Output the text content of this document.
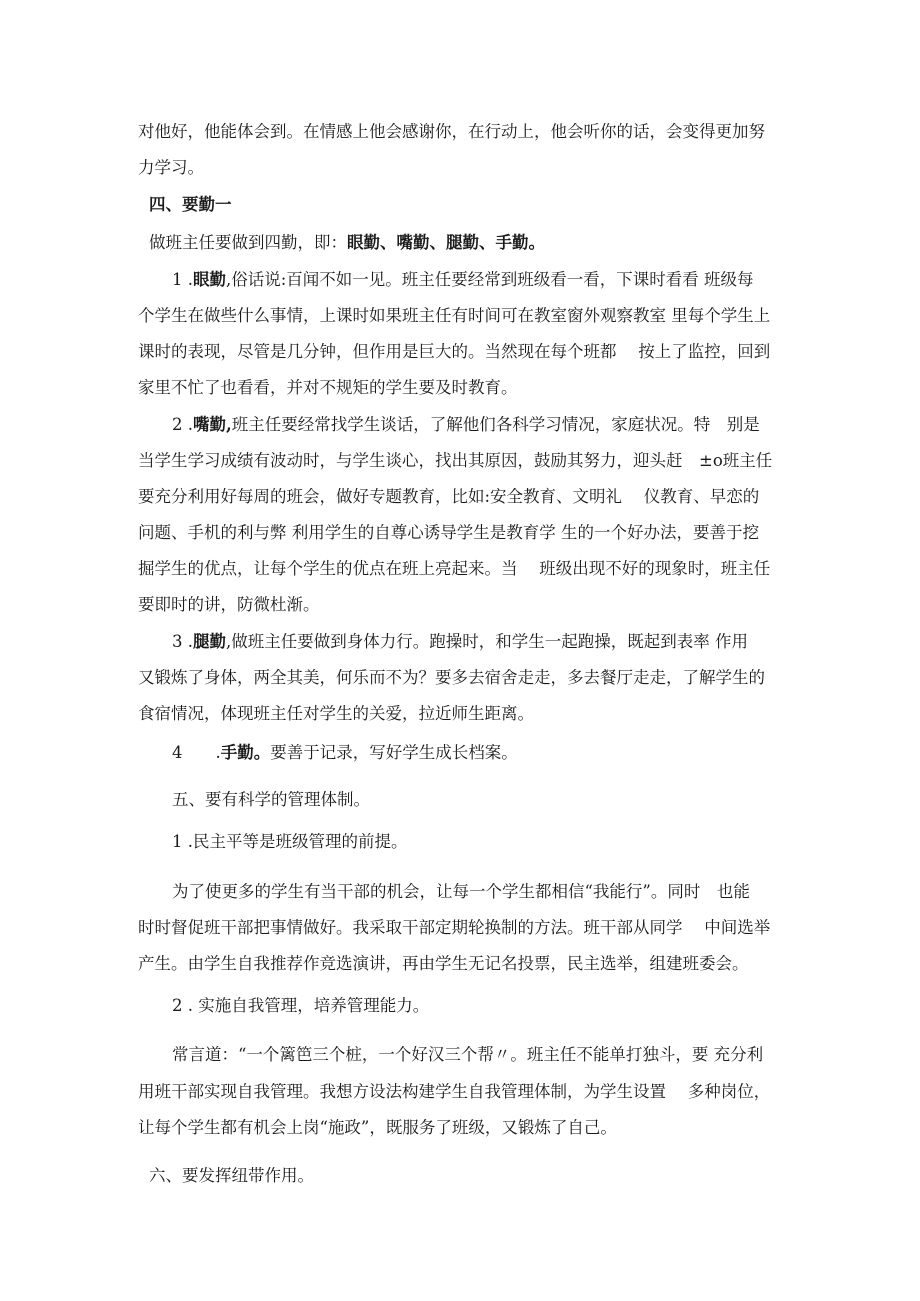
对他好，他能体会到。在情感上他会感谢你，在行动上，他会听你的话，会变得更加努
力学习。
四、要勤一
做班主任要做到四勤，即：眼勤、嘴勤、腿勤、手勤。
1 .眼勤,俗话说:百闻不如一见。班主任要经常到班级看一看，下课时看看 班级每
个学生在做些什么事情，上课时如果班主任有时间可在教室窗外观察教室 里每个学生上
课时的表现，尽管是几分钟，但作用是巨大的。当然现在每个班都　 按上了监控，回到
家里不忙了也看看，并对不规矩的学生要及时教育。
2 .嘴勤,班主任要经常找学生谈话，了解他们各科学习情况，家庭状况。特　别是
当学生学习成绩有波动时，与学生谈心，找出其原因，鼓励其努力，迎头赶　±o班主任
要充分利用好每周的班会，做好专题教育，比如:安全教育、文明礼　 仪教育、早恋的
问题、手机的利与弊 利用学生的自尊心诱导学生是教育学 生的一个好办法，要善于挖
掘学生的优点，让每个学生的优点在班上亮起来。当　 班级出现不好的现象时，班主任
要即时的讲，防微杜渐。
3 .腿勤,做班主任要做到身体力行。跑操时，和学生一起跑操，既起到表率 作用
又锻炼了身体，两全其美，何乐而不为？要多去宿舍走走，多去餐厅走走，了解学生的
食宿情况，体现班主任对学生的关爱，拉近师生距离。
4　　.手勤。要善于记录，写好学生成长档案。
五、要有科学的管理体制。
1 .民主平等是班级管理的前提。
为了使更多的学生有当干部的机会，让每一个学生都相信“我能行”。同时　也能
时时督促班干部把事情做好。我采取干部定期轮换制的方法。班干部从同学　 中间选举
产生。由学生自我推荐作竞选演讲，再由学生无记名投票，民主选举，组建班委会。
2 . 实施自我管理，培养管理能力。
常言道：“一个篱笆三个桩，一个好汉三个帮〃。班主任不能单打独斗，要 充分利
用班干部实现自我管理。我想方设法构建学生自我管理体制，为学生设置　 多种岗位，
让每个学生都有机会上岗“施政”，既服务了班级，又锻炼了自己。
六、要发挥纽带作用。
